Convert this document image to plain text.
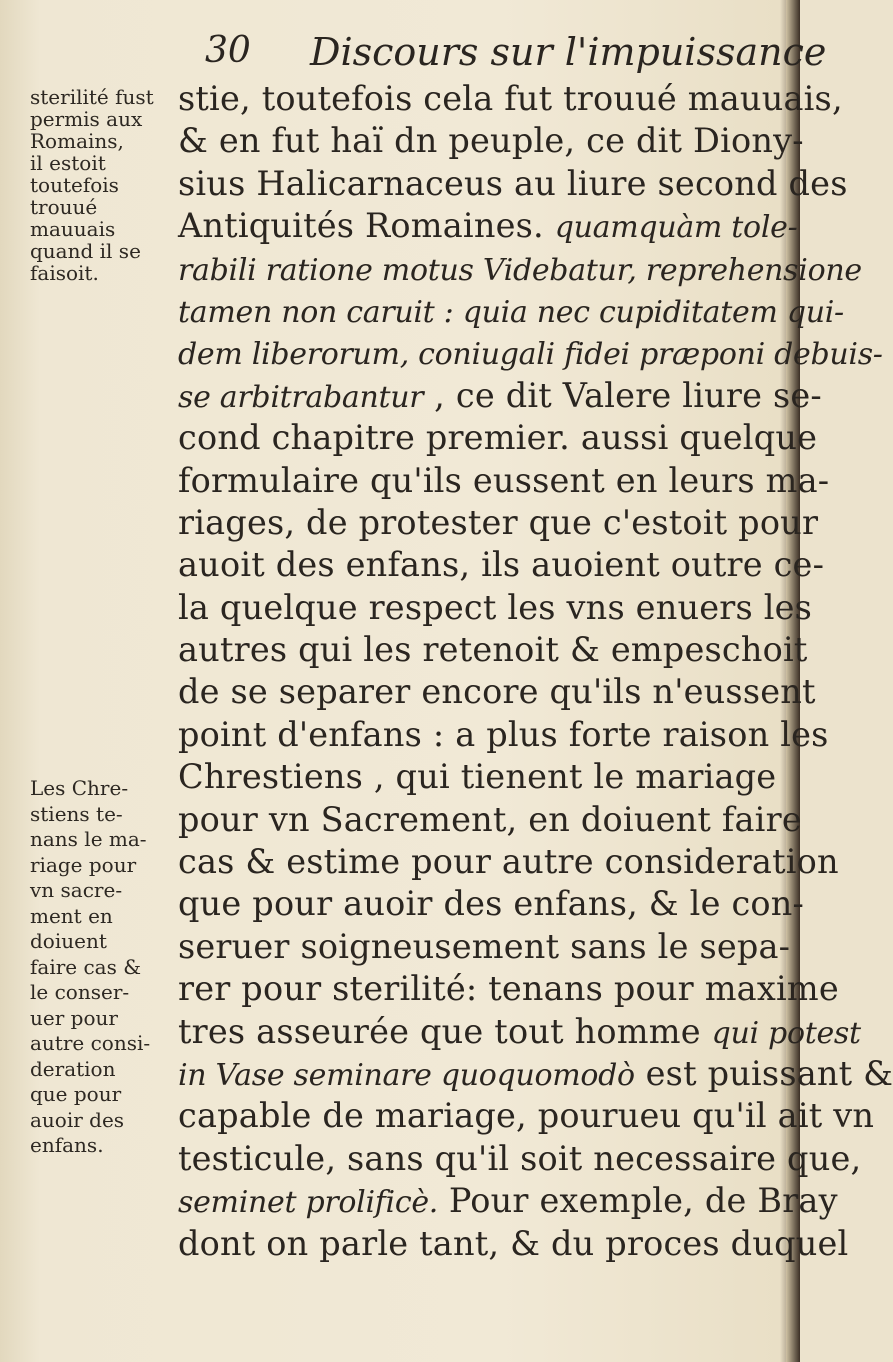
30 Discours sur l'impuissance
sterilité fust
permis aux
Romains,
il estoit
toutefois
trouué
mauuais
quand il se
faisoit.
Les Chre-
stiens te-
nans le ma-
riage pour
vn sacre-
ment en
doiuent
faire cas &
le conser-
uer pour
autre consi-
deration
que pour
auoir des
enfans.
stie, toutefois cela fut trouué mauuais,
& en fut haï dn peuple, ce dit Diony-
sius Halicarnaceus au liure second des
Antiquités Romaines. quamquàm tole-
rabili ratione motus Videbatur, reprehensione
tamen non caruit : quia nec cupiditatem qui-
dem liberorum, coniugali fidei præponi debuis-
se arbitrabantur , ce dit Valere liure se-
cond chapitre premier. aussi quelque
formulaire qu'ils eussent en leurs ma-
riages, de protester que c'estoit pour
auoit des enfans, ils auoient outre ce-
la quelque respect les vns enuers les
autres qui les retenoit & empeschoit
de se separer encore qu'ils n'eussent
point d'enfans : a plus forte raison les
Chrestiens , qui tienent le mariage
pour vn Sacrement, en doiuent faire
cas & estime pour autre consideration
que pour auoir des enfans, & le con-
seruer soigneusement sans le sepa-
rer pour sterilité: tenans pour maxime
tres asseurée que tout homme qui potest
in Vase seminare quoquomodò est puissant &
capable de mariage, pourueu qu'il ait vn
testicule, sans qu'il soit necessaire que,
seminet prolificè. Pour exemple, de Bray
dont on parle tant, & du proces duquel
